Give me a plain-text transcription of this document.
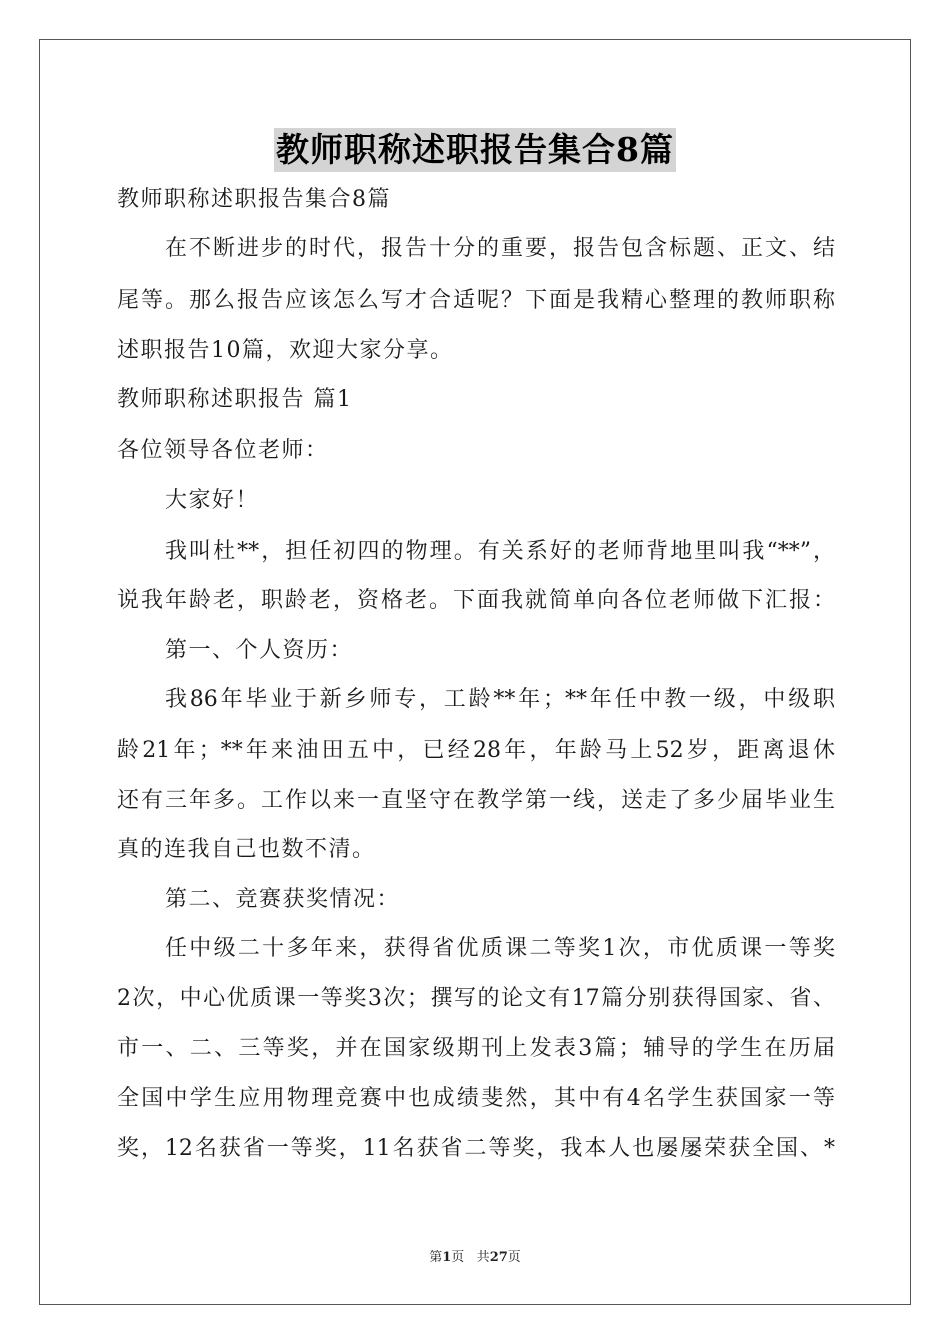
教师职称述职报告集合8篇
教师职称述职报告集合8篇
在不断进步的时代，报告十分的重要，报告包含标题、正文、结
尾等。那么报告应该怎么写才合适呢？下面是我精心整理的教师职称
述职报告10篇，欢迎大家分享。
教师职称述职报告 篇1
各位领导各位老师：
大家好！
我叫杜**，担任初四的物理。有关系好的老师背地里叫我“**”，
说我年龄老，职龄老，资格老。下面我就简单向各位老师做下汇报：
第一、个人资历：
我86年毕业于新乡师专，工龄**年；**年任中教一级，中级职
龄21年；**年来油田五中，已经28年，年龄马上52岁，距离退休
还有三年多。工作以来一直坚守在教学第一线，送走了多少届毕业生
真的连我自己也数不清。
第二、竞赛获奖情况：
任中级二十多年来，获得省优质课二等奖1次，市优质课一等奖
2次，中心优质课一等奖3次；撰写的论文有17篇分别获得国家、省、
市一、二、三等奖，并在国家级期刊上发表3篇；辅导的学生在历届
全国中学生应用物理竞赛中也成绩斐然，其中有4名学生获国家一等
奖，12名获省一等奖，11名获省二等奖，我本人也屡屡荣获全国、*
第1页 共27页
